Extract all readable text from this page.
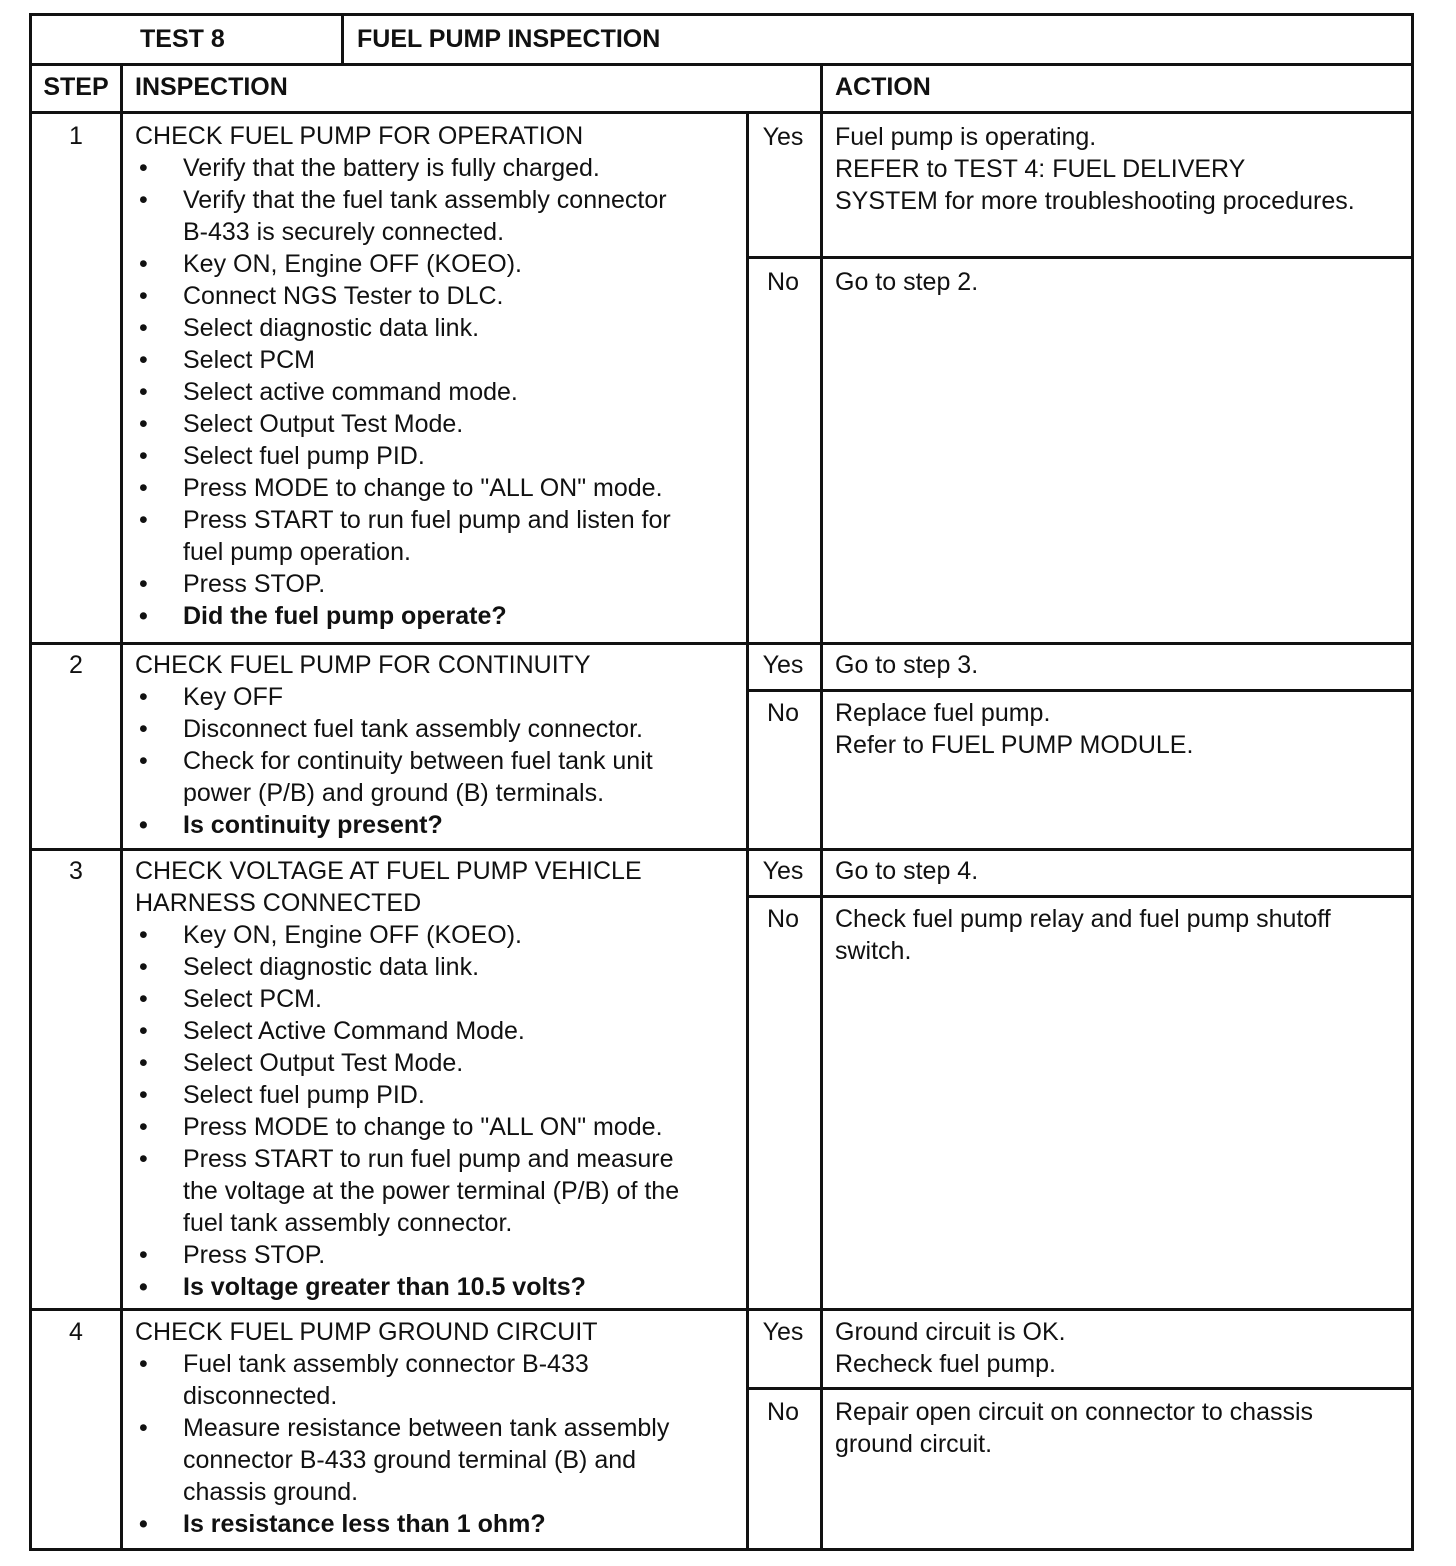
TEST 8	FUEL PUMP INSPECTION
STEP	INSPECTION	ACTION
1	CHECK FUEL PUMP FOR OPERATION
• Verify that the battery is fully charged.
• Verify that the fuel tank assembly connector
B-433 is securely connected.
• Key ON, Engine OFF (KOEO).
• Connect NGS Tester to DLC.
• Select diagnostic data link.
• Select PCM
• Select active command mode.
• Select Output Test Mode.
• Select fuel pump PID.
• Press MODE to change to "ALL ON" mode.
• Press START to run fuel pump and listen for
fuel pump operation.
• Press STOP.
• Did the fuel pump operate?
Yes	Fuel pump is operating.
REFER to TEST 4: FUEL DELIVERY
SYSTEM for more troubleshooting procedures.
No	Go to step 2.
2	CHECK FUEL PUMP FOR CONTINUITY
• Key OFF
• Disconnect fuel tank assembly connector.
• Check for continuity between fuel tank unit
power (P/B) and ground (B) terminals.
• Is continuity present?
Yes	Go to step 3.
No	Replace fuel pump.
Refer to FUEL PUMP MODULE.
3	CHECK VOLTAGE AT FUEL PUMP VEHICLE
HARNESS CONNECTED
• Key ON, Engine OFF (KOEO).
• Select diagnostic data link.
• Select PCM.
• Select Active Command Mode.
• Select Output Test Mode.
• Select fuel pump PID.
• Press MODE to change to "ALL ON" mode.
• Press START to run fuel pump and measure
the voltage at the power terminal (P/B) of the
fuel tank assembly connector.
• Press STOP.
• Is voltage greater than 10.5 volts?
Yes	Go to step 4.
No	Check fuel pump relay and fuel pump shutoff
switch.
4	CHECK FUEL PUMP GROUND CIRCUIT
• Fuel tank assembly connector B-433
disconnected.
• Measure resistance between tank assembly
connector B-433 ground terminal (B) and
chassis ground.
• Is resistance less than 1 ohm?
Yes	Ground circuit is OK.
Recheck fuel pump.
No	Repair open circuit on connector to chassis
ground circuit.
